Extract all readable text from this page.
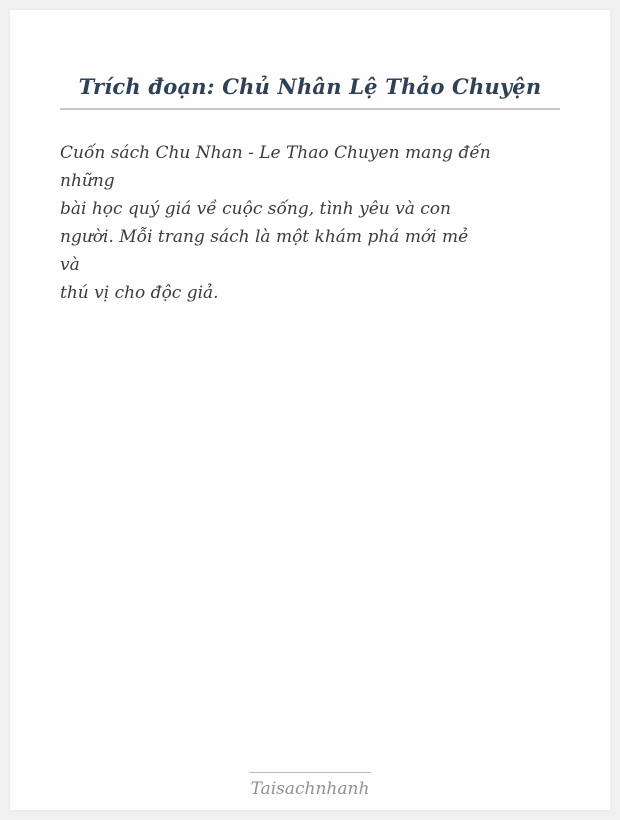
Trích đoạn: Chủ Nhân Lệ Thảo Chuyện
Cuốn sách Chu Nhan - Le Thao Chuyen mang đến
những
bài học quý giá về cuộc sống, tình yêu và con
người. Mỗi trang sách là một khám phá mới mẻ
và
thú vị cho độc giả.
Taisachnhanh
